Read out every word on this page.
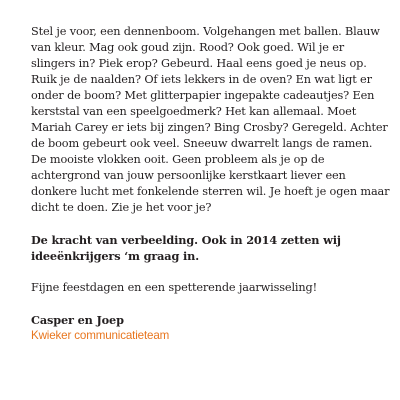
Stel je voor, een dennenboom. Volgehangen met ballen. Blauw van kleur. Mag ook goud zijn. Rood? Ook goed. Wil je er slingers in? Piek erop? Gebeurd. Haal eens goed je neus op. Ruik je de naalden? Of iets lekkers in de oven? En wat ligt er onder de boom? Met glitterpapier ingepakte cadeautjes? Een kerststal van een speelgoedmerk? Het kan allemaal. Moet Mariah Carey er iets bij zingen? Bing Crosby? Geregeld. Achter de boom gebeurt ook veel. Sneeuw dwarrelt langs de ramen. De mooiste vlokken ooit. Geen probleem als je op de achtergrond van jouw persoonlijke kerstkaart liever een donkere lucht met fonkelende sterren wil. Je hoeft je ogen maar dicht te doen. Zie je het voor je?

De kracht van verbeelding. Ook in 2014 zetten wij ideeënkrijgers ‘m graag in.

Fijne feestdagen en een spetterende jaarwisseling!

Casper en Joep

Kwieker communicatieteam
